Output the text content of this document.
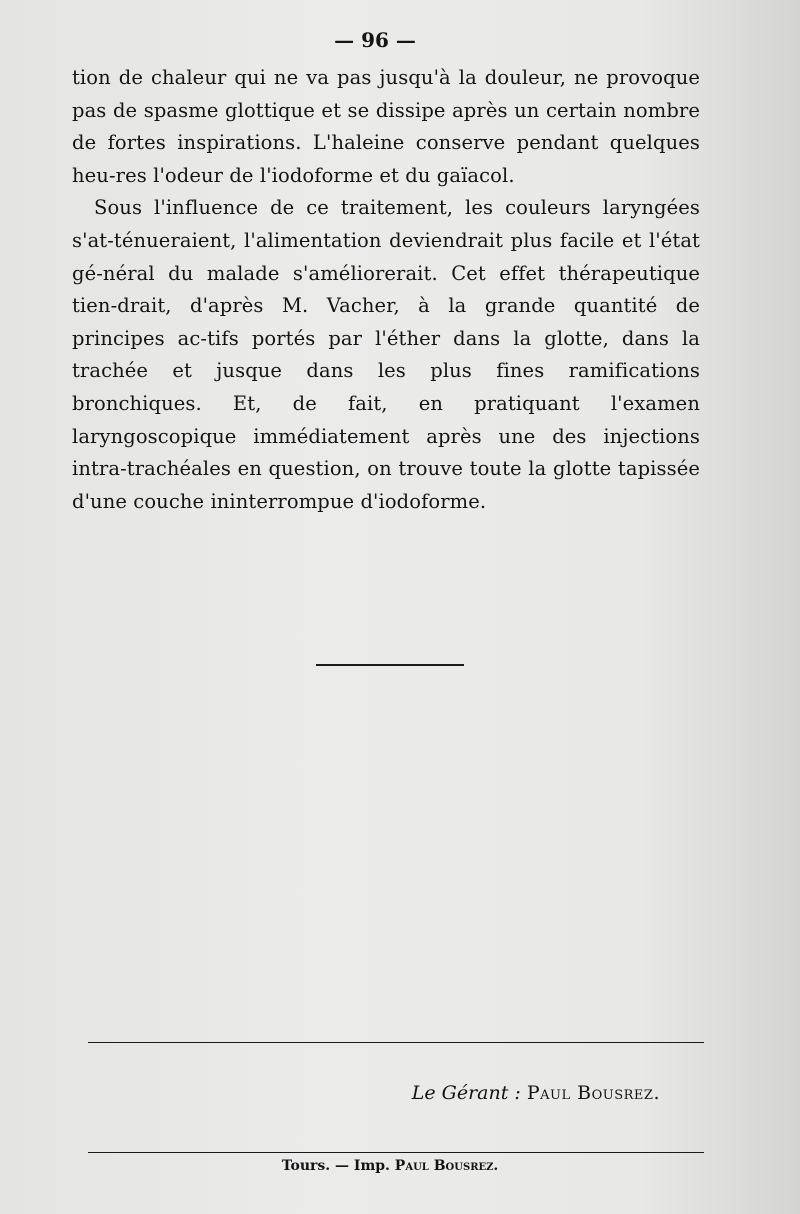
— 96 —

tion de chaleur qui ne va pas jusqu'à la douleur, ne provoque pas de spasme glottique et se dissipe après un certain nombre de fortes inspirations. L'haleine conserve pendant quelques heu-res l'odeur de l'iodoforme et du gaïacol.

Sous l'influence de ce traitement, les couleurs laryngées s'at-ténueraient, l'alimentation deviendrait plus facile et l'état gé-néral du malade s'améliorerait. Cet effet thérapeutique tien-drait, d'après M. Vacher, à la grande quantité de principes ac-tifs portés par l'éther dans la glotte, dans la trachée et jusque dans les plus fines ramifications bronchiques. Et, de fait, en pratiquant l'examen laryngoscopique immédiatement après une des injections intra-trachéales en question, on trouve toute la glotte tapissée d'une couche ininterrompue d'iodoforme.

Le Gérant : Paul Bousrez.
Tours. — Imp. Paul Bousrez.
